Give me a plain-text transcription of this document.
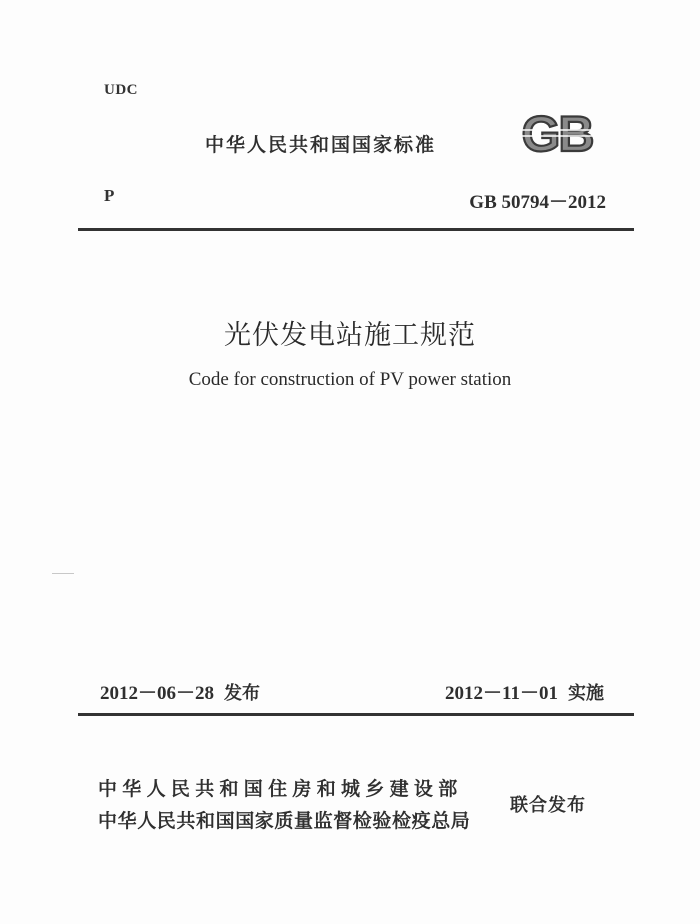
UDC
中华人民共和国国家标准 GB
P	GB 50794－2012
光伏发电站施工规范
Code for construction of PV power station
2012－06－28 发布	2012－11－01 实施
中华人民共和国住房和城乡建设部
中华人民共和国国家质量监督检验检疫总局
联合发布
